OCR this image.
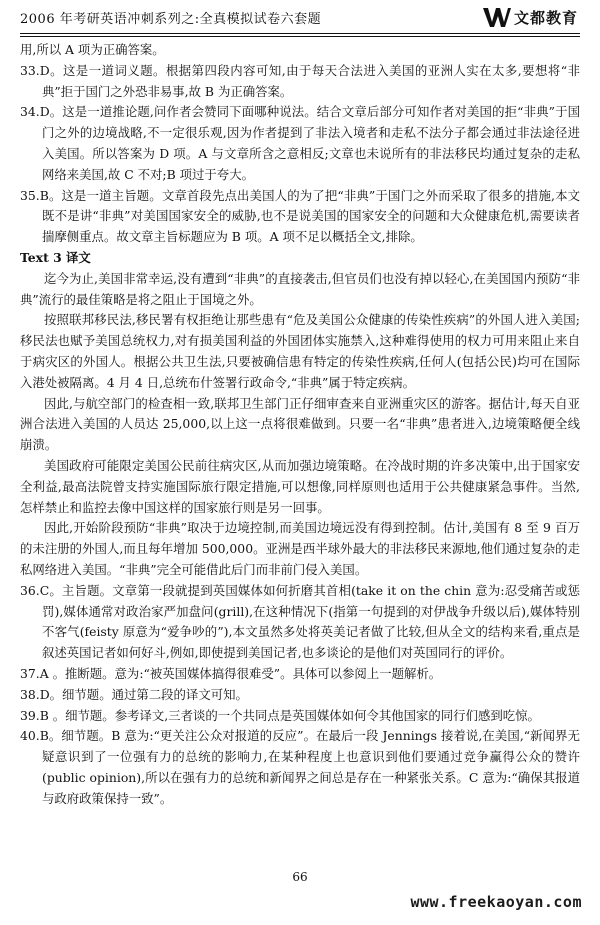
2006 年考研英语冲刺系列之:全真模拟试卷六套题	文都教育

用,所以 A 项为正确答案。

33.D。这是一道词义题。根据第四段内容可知,由于每天合法进入美国的亚洲人实在太多,要想将“非典”拒于国门之外恐非易事,故 B 为正确答案。

34.D。这是一道推论题,问作者会赞同下面哪种说法。结合文章后部分可知作者对美国的拒“非典”于国门之外的边境战略,不一定很乐观,因为作者提到了非法入境者和走私不法分子都会通过非法途径进入美国。所以答案为 D 项。A 与文章所含之意相反;文章也未说所有的非法移民均通过复杂的走私网络来美国,故 C 不对;B 项过于夸大。

35.B。这是一道主旨题。文章首段先点出美国人的为了把“非典”于国门之外而采取了很多的措施,本文既不是讲“非典”对美国国家安全的威胁,也不是说美国的国家安全的问题和大众健康危机,需要读者揣摩侧重点。故文章主旨标题应为 B 项。A 项不足以概括全文,排除。

Text 3 译文

迄今为止,美国非常幸运,没有遭到“非典”的直接袭击,但官员们也没有掉以轻心,在美国国内预防“非典”流行的最佳策略是将之阻止于国境之外。

按照联邦移民法,移民署有权拒绝让那些患有“危及美国公众健康的传染性疾病”的外国人进入美国;移民法也赋予美国总统权力,对有损美国利益的外国团体实施禁入,这种难得使用的权力可用来阻止来自于病灾区的外国人。根据公共卫生法,只要被确信患有特定的传染性疾病,任何人(包括公民)均可在国际入港处被隔离。4 月 4 日,总统布什签署行政命令,“非典”属于特定疾病。

因此,与航空部门的检查相一致,联邦卫生部门正仔细审查来自亚洲重灾区的游客。据估计,每天自亚洲合法进入美国的人员达 25,000,以上这一点将很难做到。只要一名“非典”患者进入,边境策略便全线崩溃。

美国政府可能限定美国公民前往病灾区,从而加强边境策略。在冷战时期的许多决策中,出于国家安全利益,最高法院曾支持实施国际旅行限定措施,可以想像,同样原则也适用于公共健康紧急事件。当然,怎样禁止和监控去像中国这样的国家旅行则是另一回事。

因此,开始阶段预防“非典”取决于边境控制,而美国边境远没有得到控制。估计,美国有 8 至 9 百万的未注册的外国人,而且每年增加 500,000。亚洲是西半球外最大的非法移民来源地,他们通过复杂的走私网络进入美国。“非典”完全可能借此后门而非前门侵入美国。

36.C。主旨题。文章第一段就提到英国媒体如何折磨其首相(take it on the chin 意为:忍受痛苦或惩罚),媒体通常对政治家严加盘问(grill),在这种情况下(指第一句提到的对伊战争升级以后),媒体特别不客气(feisty 原意为“爱争吵的”),本文虽然多处将英美记者做了比较,但从全文的结构来看,重点是叙述英国记者如何好斗,例如,即使提到美国记者,也多谈论的是他们对英国同行的评价。

37.A 。推断题。意为:“被英国媒体搞得很难受”。具体可以参阅上一题解析。

38.D。细节题。通过第二段的译文可知。

39.B 。细节题。参考译文,三者谈的一个共同点是英国媒体如何令其他国家的同行们感到吃惊。

40.B。细节题。B 意为:“更关注公众对报道的反应”。在最后一段 Jennings 接着说,在美国,“新闻界无疑意识到了一位强有力的总统的影响力,在某种程度上也意识到他们要通过竞争赢得公众的赞许(public opinion),所以在强有力的总统和新闻界之间总是存在一种紧张关系。C 意为:“确保其报道与政府政策保持一致”。

66
www.freekaoyan.com
